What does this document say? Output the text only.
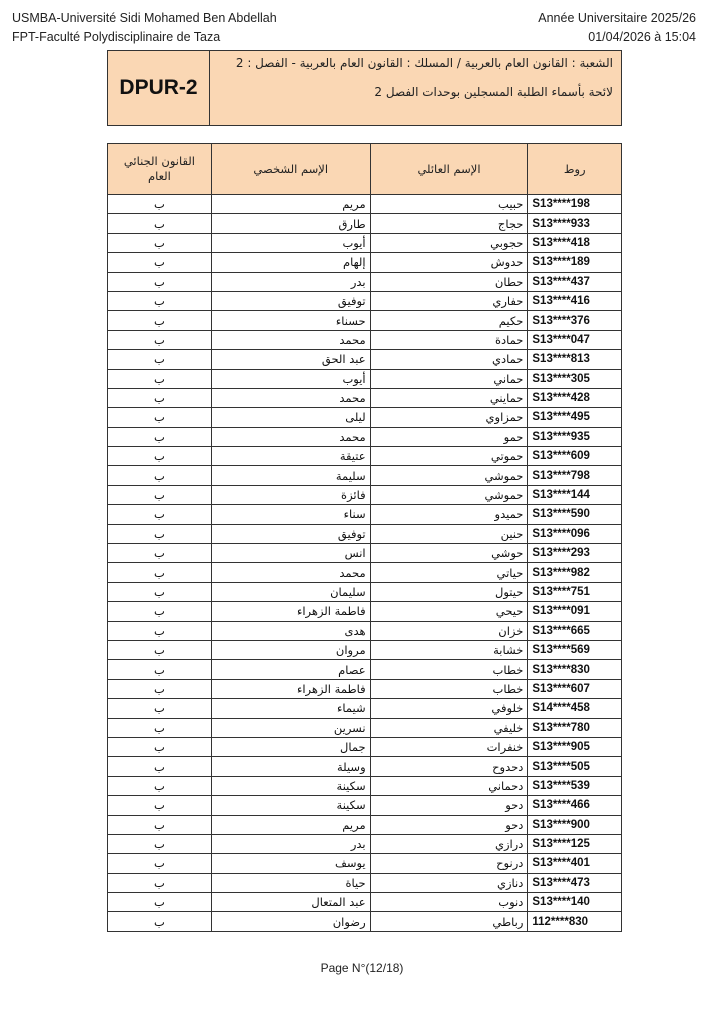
USMBA-Université Sidi Mohamed Ben Abdellah
FPT-Faculté Polydisciplinaire de Taza
Année Universitaire 2025/26
01/04/2026 à 15:04
DPUR-2
الشعبة : القانون العام بالعربية / المسلك : القانون العام بالعربية - الفصل : 2
لائحة بأسماء الطلبة المسجلين بوحدات الفصل 2
روط	الإسم العائلي	الإسم الشخصي	القانون الجنائي العام
S13****198	حبيب	مريم	ب
S13****933	حجاج	طارق	ب
S13****418	حجوبي	أيوب	ب
S13****189	حدوش	إلهام	ب
S13****437	حطان	بدر	ب
S13****416	حفاري	توفيق	ب
S13****376	حكيم	حسناء	ب
S13****047	حمادة	محمد	ب
S13****813	حمادي	عبد الحق	ب
S13****305	حماني	أيوب	ب
S13****428	حمايني	محمد	ب
S13****495	حمزاوي	ليلى	ب
S13****935	حمو	محمد	ب
S13****609	حموتي	عتيقة	ب
S13****798	حموشي	سليمة	ب
S13****144	حموشي	فائزة	ب
S13****590	حميدو	سناء	ب
S13****096	حنين	توفيق	ب
S13****293	حوشي	انس	ب
S13****982	حياتي	محمد	ب
S13****751	حيتول	سليمان	ب
S13****091	حيحي	فاطمة الزهراء	ب
S13****665	خزان	هدى	ب
S13****569	خشابة	مروان	ب
S13****830	خطاب	عصام	ب
S13****607	خطاب	فاطمة الزهراء	ب
S14****458	خلوفي	شيماء	ب
S13****780	خليفي	نسرين	ب
S13****905	خنفرات	جمال	ب
S13****505	دحدوح	وسيلة	ب
S13****539	دحماني	سكينة	ب
S13****466	دحو	سكينة	ب
S13****900	دحو	مريم	ب
S13****125	درازي	بدر	ب
S13****401	درنوح	يوسف	ب
S13****473	دنازي	حياة	ب
S13****140	دنوب	عبد المتعال	ب
112****830	رباطي	رضوان	ب
Page N°(12/18)
